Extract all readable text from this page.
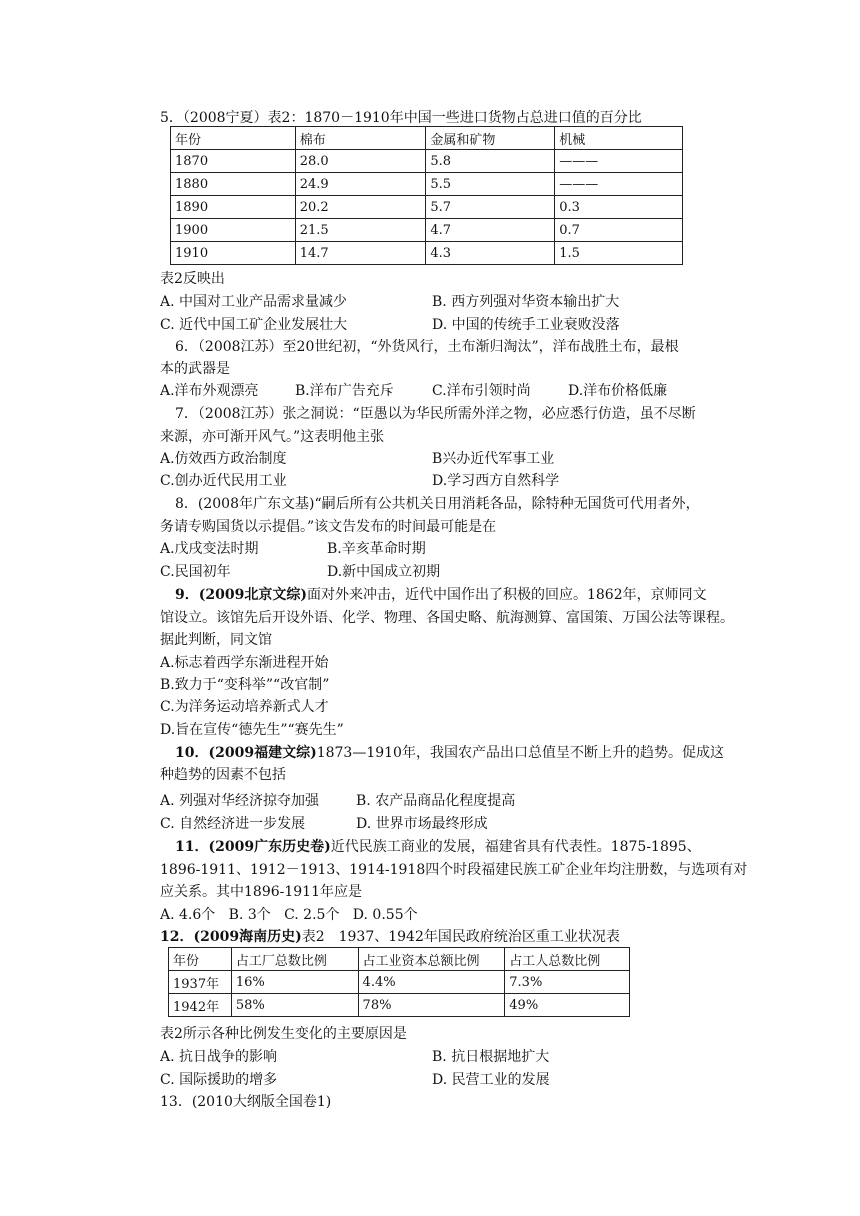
5．（2008宁夏）表2：1870－1910年中国一些进口货物占总进口值的百分比
年份	棉布	金属和矿物	机械
1870	28.0	5.8	———
1880	24.9	5.5	———
1890	20.2	5.7	0.3
1900	21.5	4.7	0.7
1910	14.7	4.3	1.5
表2反映出
A. 中国对工业产品需求量减少	B. 西方列强对华资本输出扩大
C. 近代中国工矿企业发展壮大	D. 中国的传统手工业衰败没落
6．（2008江苏）至20世纪初，“外货风行，土布渐归淘汰”，洋布战胜土布，最根
本的武器是
A.洋布外观漂亮	B.洋布广告充斥	C.洋布引领时尚	D.洋布价格低廉
7．（2008江苏）张之洞说：“臣愚以为华民所需外洋之物，必应悉行仿造，虽不尽断
来源，亦可渐开风气。”这表明他主张
A.仿效西方政治制度	B兴办近代军事工业
C.创办近代民用工业	D.学习西方自然科学
8．(2008年广东文基)“嗣后所有公共机关日用消耗各品，除特种无国货可代用者外，
务请专购国货以示提倡。”该文告发布的时间最可能是在
A.戊戌变法时期	B.辛亥革命时期
C.民国初年	D.新中国成立初期
9．(2009北京文综)面对外来冲击，近代中国作出了积极的回应。1862年，京师同文
馆设立。该馆先后开设外语、化学、物理、各国史略、航海测算、富国策、万国公法等课程。
据此判断，同文馆
A.标志着西学东渐进程开始
B.致力于“变科举”“改官制”
C.为洋务运动培养新式人才
D.旨在宣传“德先生”“赛先生”
10．(2009福建文综)1873—1910年，我国农产品出口总值呈不断上升的趋势。促成这
种趋势的因素不包括
A. 列强对华经济掠夺加强	B. 农产品商品化程度提高
C. 自然经济进一步发展	D. 世界市场最终形成
11．(2009广东历史卷)近代民族工商业的发展，福建省具有代表性。1875-1895、
1896-1911、1912－1913、1914-1918四个时段福建民族工矿企业年均注册数，与选项有对
应关系。其中1896-1911年应是
A. 4.6个   B. 3个   C. 2.5个   D. 0.55个
12．(2009海南历史)表2　1937、1942年国民政府统治区重工业状况表
年份	占工厂总数比例	占工业资本总额比例	占工人总数比例
1937年	16%	4.4%	7.3%
1942年	58%	78%	49%
表2所示各种比例发生变化的主要原因是
A. 抗日战争的影响	B. 抗日根据地扩大
C. 国际援助的增多	D. 民营工业的发展
13．(2010大纲版全国卷1)
